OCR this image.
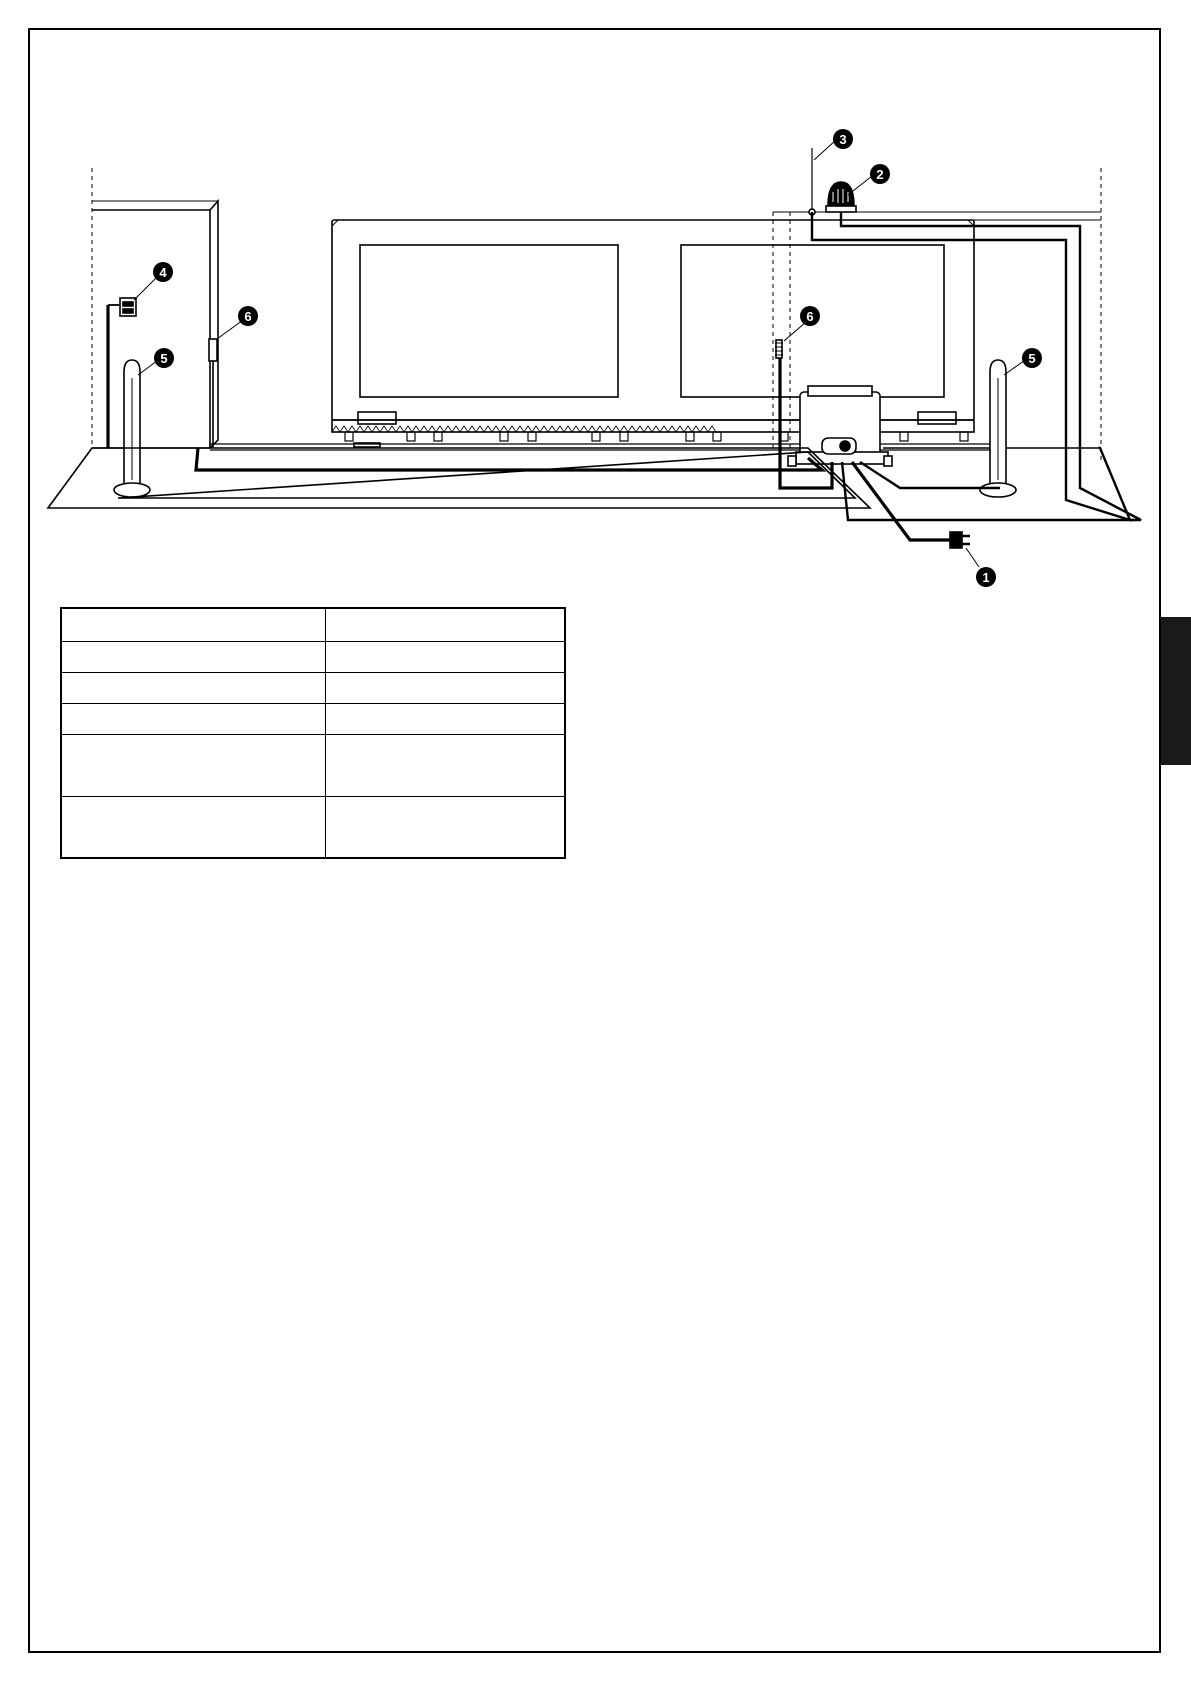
1
2
3
4
5
6
5
6
